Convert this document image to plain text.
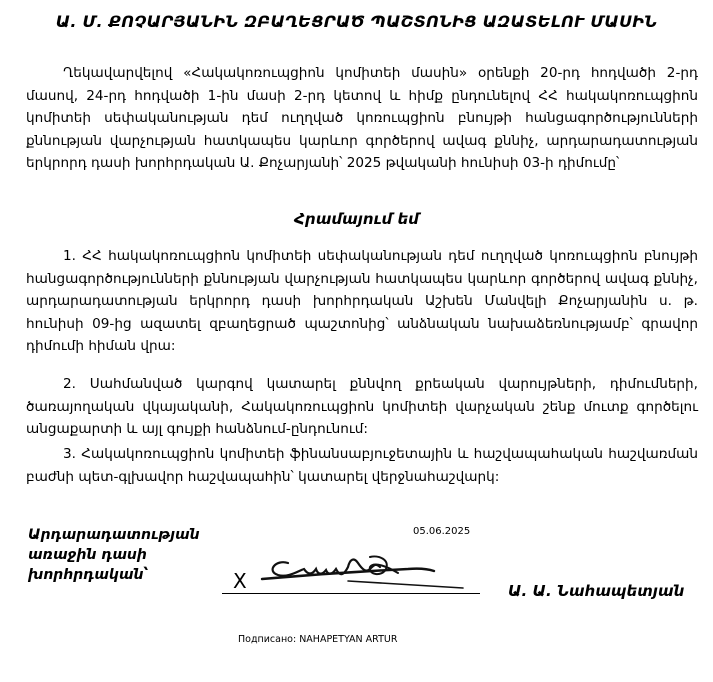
Ա. Մ. ՔՈՉԱՐՅԱՆԻՆ ԶԲԱՂԵՑՐԱԾ ՊԱՇՏՈՆԻՑ ԱԶԱՏԵԼՈՒ ՄԱՍԻՆ
Ղեկավարվելով «Հակակոռուպցիոն կոմիտեի մասին» օրենքի 20-րդ հոդվածի 2-րդ մասով, 24-րդ հոդվածի 1-ին մասի 2-րդ կետով և հիմք ընդունելով ՀՀ հակակոռուպցիոն կոմիտեի սեփականության դեմ ուղղված կոռուպցիոն բնույթի հանցագործությունների քննության վարչության հատկապես կարևոր գործերով ավագ քննիչ, արդարադատության երկրորդ դասի խորհրդական Ա. Քոչարյանի՝ 2025 թվականի հունիսի 03-ի դիմումը՝
Հրամայում եմ
1. ՀՀ հակակոռուպցիոն կոմիտեի սեփականության դեմ ուղղված կոռուպցիոն բնույթի հանցագործությունների քննության վարչության հատկապես կարևոր գործերով ավագ քննիչ, արդարադատության երկրորդ դասի խորհրդական Աշխեն Մանվելի Քոչարյանին ս. թ. հունիսի 09-ից ազատել զբաղեցրած պաշտոնից՝ անձնական նախաձեռնությամբ՝ գրավոր դիմումի հիման վրա:
2. Սահմանված կարգով կատարել քննվող քրեական վարույթների, դիմումների, ծառայողական վկայականի, Հակակոռուպցիոն կոմիտեի վարչական շենք մուտք գործելու անցաքարտի և այլ գույքի հանձնում-ընդունում:
3. Հակակոռուպցիոն կոմիտեի ֆինանսաբյուջետային և հաշվապահական հաշվառման բաժնի պետ-գլխավոր հաշվապահին՝ կատարել վերջնահաշվարկ:
Արդարադատության
առաջին դասի
խորհրդական՝
05.06.2025
X	Ա. Ա. Նահապետյան
Подписано: NAHAPETYAN ARTUR
